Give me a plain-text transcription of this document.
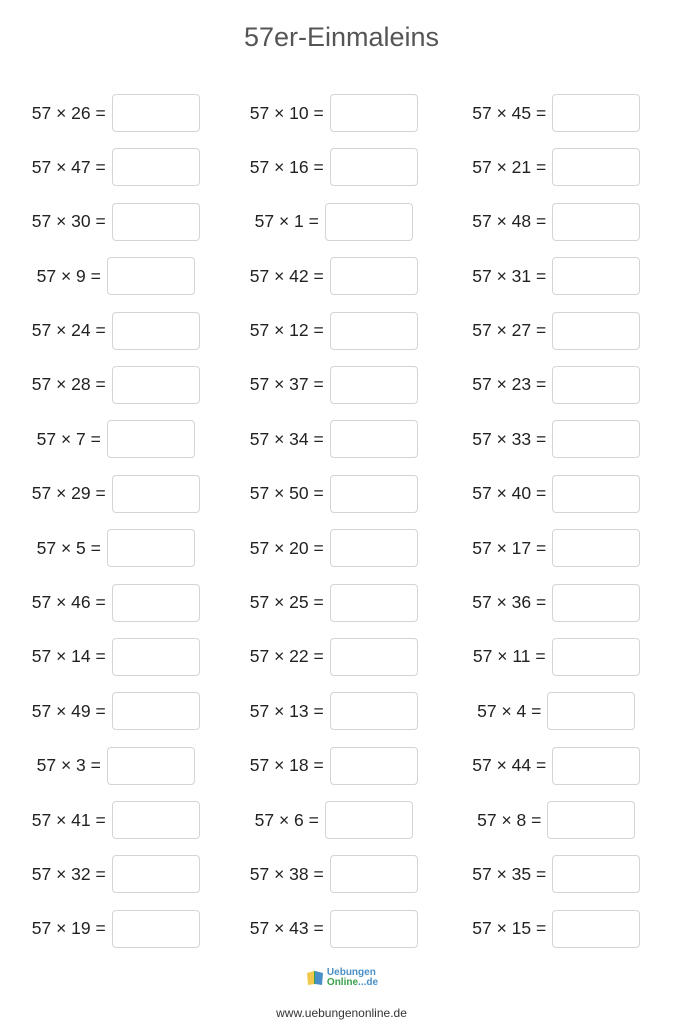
57er-Einmaleins
57 × 26 =	57 × 10 =	57 × 45 =
57 × 47 =	57 × 16 =	57 × 21 =
57 × 30 =	57 × 1 =	57 × 48 =
57 × 9 =	57 × 42 =	57 × 31 =
57 × 24 =	57 × 12 =	57 × 27 =
57 × 28 =	57 × 37 =	57 × 23 =
57 × 7 =	57 × 34 =	57 × 33 =
57 × 29 =	57 × 50 =	57 × 40 =
57 × 5 =	57 × 20 =	57 × 17 =
57 × 46 =	57 × 25 =	57 × 36 =
57 × 14 =	57 × 22 =	57 × 11 =
57 × 49 =	57 × 13 =	57 × 4 =
57 × 3 =	57 × 18 =	57 × 44 =
57 × 41 =	57 × 6 =	57 × 8 =
57 × 32 =	57 × 38 =	57 × 35 =
57 × 19 =	57 × 43 =	57 × 15 =
Uebungen
Online...de
www.uebungenonline.de
